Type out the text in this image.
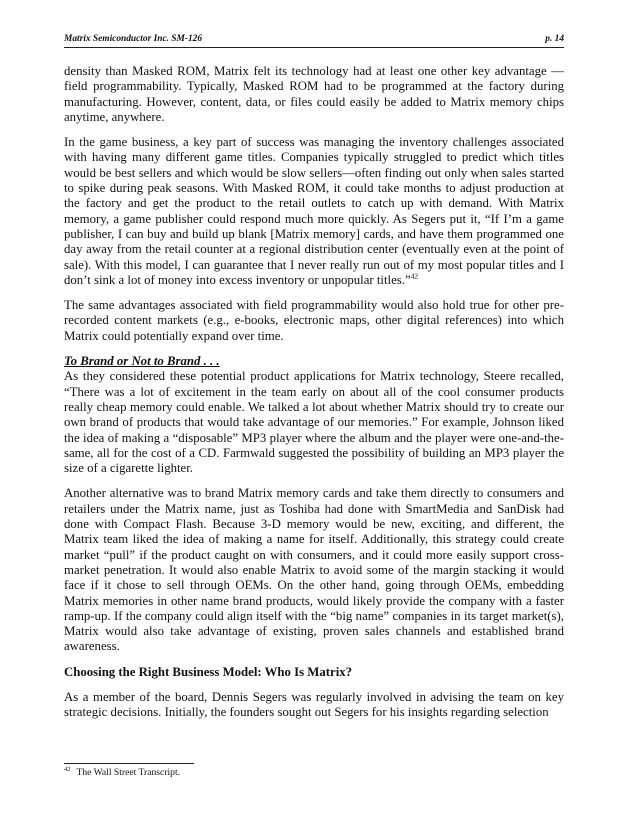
Matrix Semiconductor Inc. SM-126	p. 14

density than Masked ROM, Matrix felt its technology had at least one other key advantage — field programmability. Typically, Masked ROM had to be programmed at the factory during manufacturing. However, content, data, or files could easily be added to Matrix memory chips anytime, anywhere.

In the game business, a key part of success was managing the inventory challenges associated with having many different game titles. Companies typically struggled to predict which titles would be best sellers and which would be slow sellers—often finding out only when sales started to spike during peak seasons. With Masked ROM, it could take months to adjust production at the factory and get the product to the retail outlets to catch up with demand. With Matrix memory, a game publisher could respond much more quickly. As Segers put it, “If I’m a game publisher, I can buy and build up blank [Matrix memory] cards, and have them programmed one day away from the retail counter at a regional distribution center (eventually even at the point of sale). With this model, I can guarantee that I never really run out of my most popular titles and I don’t sink a lot of money into excess inventory or unpopular titles.”$^{42}$

The same advantages associated with field programmability would also hold true for other pre-recorded content markets (e.g., e-books, electronic maps, other digital references) into which Matrix could potentially expand over time.

To Brand or Not to Brand . . .

As they considered these potential product applications for Matrix technology, Steere recalled, “There was a lot of excitement in the team early on about all of the cool consumer products really cheap memory could enable. We talked a lot about whether Matrix should try to create our own brand of products that would take advantage of our memories.” For example, Johnson liked the idea of making a “disposable” MP3 player where the album and the player were one-and-the-same, all for the cost of a CD. Farmwald suggested the possibility of building an MP3 player the size of a cigarette lighter.

Another alternative was to brand Matrix memory cards and take them directly to consumers and retailers under the Matrix name, just as Toshiba had done with SmartMedia and SanDisk had done with Compact Flash. Because 3-D memory would be new, exciting, and different, the Matrix team liked the idea of making a name for itself. Additionally, this strategy could create market “pull” if the product caught on with consumers, and it could more easily support cross-market penetration. It would also enable Matrix to avoid some of the margin stacking it would face if it chose to sell through OEMs. On the other hand, going through OEMs, embedding Matrix memories in other name brand products, would likely provide the company with a faster ramp-up. If the company could align itself with the “big name” companies in its target market(s), Matrix would also take advantage of existing, proven sales channels and established brand awareness.

Choosing the Right Business Model: Who Is Matrix?

As a member of the board, Dennis Segers was regularly involved in advising the team on key strategic decisions. Initially, the founders sought out Segers for his insights regarding selection

$^{42}$ The Wall Street Transcript.
